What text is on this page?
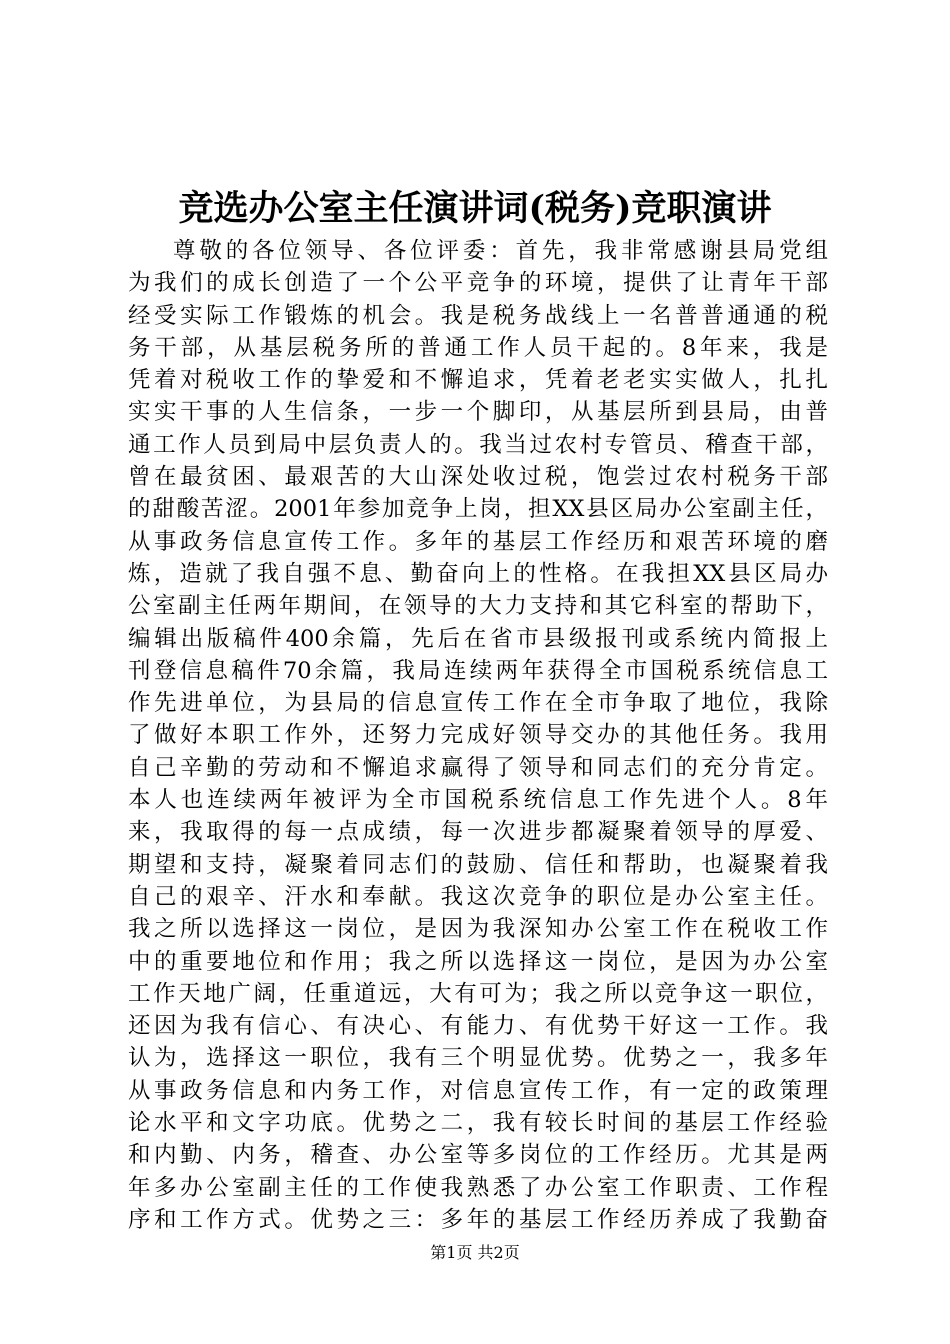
竞选办公室主任演讲词(税务)竞职演讲
尊敬的各位领导、各位评委：首先，我非常感谢县局党组
为我们的成长创造了一个公平竞争的环境，提供了让青年干部
经受实际工作锻炼的机会。我是税务战线上一名普普通通的税
务干部，从基层税务所的普通工作人员干起的。8年来，我是
凭着对税收工作的挚爱和不懈追求，凭着老老实实做人，扎扎
实实干事的人生信条，一步一个脚印，从基层所到县局，由普
通工作人员到局中层负责人的。我当过农村专管员、稽查干部，
曾在最贫困、最艰苦的大山深处收过税，饱尝过农村税务干部
的甜酸苦涩。2001年参加竞争上岗，担XX县区局办公室副主任，
从事政务信息宣传工作。多年的基层工作经历和艰苦环境的磨
炼，造就了我自强不息、勤奋向上的性格。在我担XX县区局办
公室副主任两年期间，在领导的大力支持和其它科室的帮助下，
编辑出版稿件400余篇，先后在省市县级报刊或系统内简报上
刊登信息稿件70余篇，我局连续两年获得全市国税系统信息工
作先进单位，为县局的信息宣传工作在全市争取了地位，我除
了做好本职工作外，还努力完成好领导交办的其他任务。我用
自己辛勤的劳动和不懈追求赢得了领导和同志们的充分肯定。
本人也连续两年被评为全市国税系统信息工作先进个人。8年
来，我取得的每一点成绩，每一次进步都凝聚着领导的厚爱、
期望和支持，凝聚着同志们的鼓励、信任和帮助，也凝聚着我
自己的艰辛、汗水和奉献。我这次竞争的职位是办公室主任。
我之所以选择这一岗位，是因为我深知办公室工作在税收工作
中的重要地位和作用；我之所以选择这一岗位，是因为办公室
工作天地广阔，任重道远，大有可为；我之所以竞争这一职位，
还因为我有信心、有决心、有能力、有优势干好这一工作。我
认为，选择这一职位，我有三个明显优势。优势之一，我多年
从事政务信息和内务工作，对信息宣传工作，有一定的政策理
论水平和文字功底。优势之二，我有较长时间的基层工作经验
和内勤、内务，稽查、办公室等多岗位的工作经历。尤其是两
年多办公室副主任的工作使我熟悉了办公室工作职责、工作程
序和工作方式。优势之三：多年的基层工作经历养成了我勤奋
第1页 共2页
